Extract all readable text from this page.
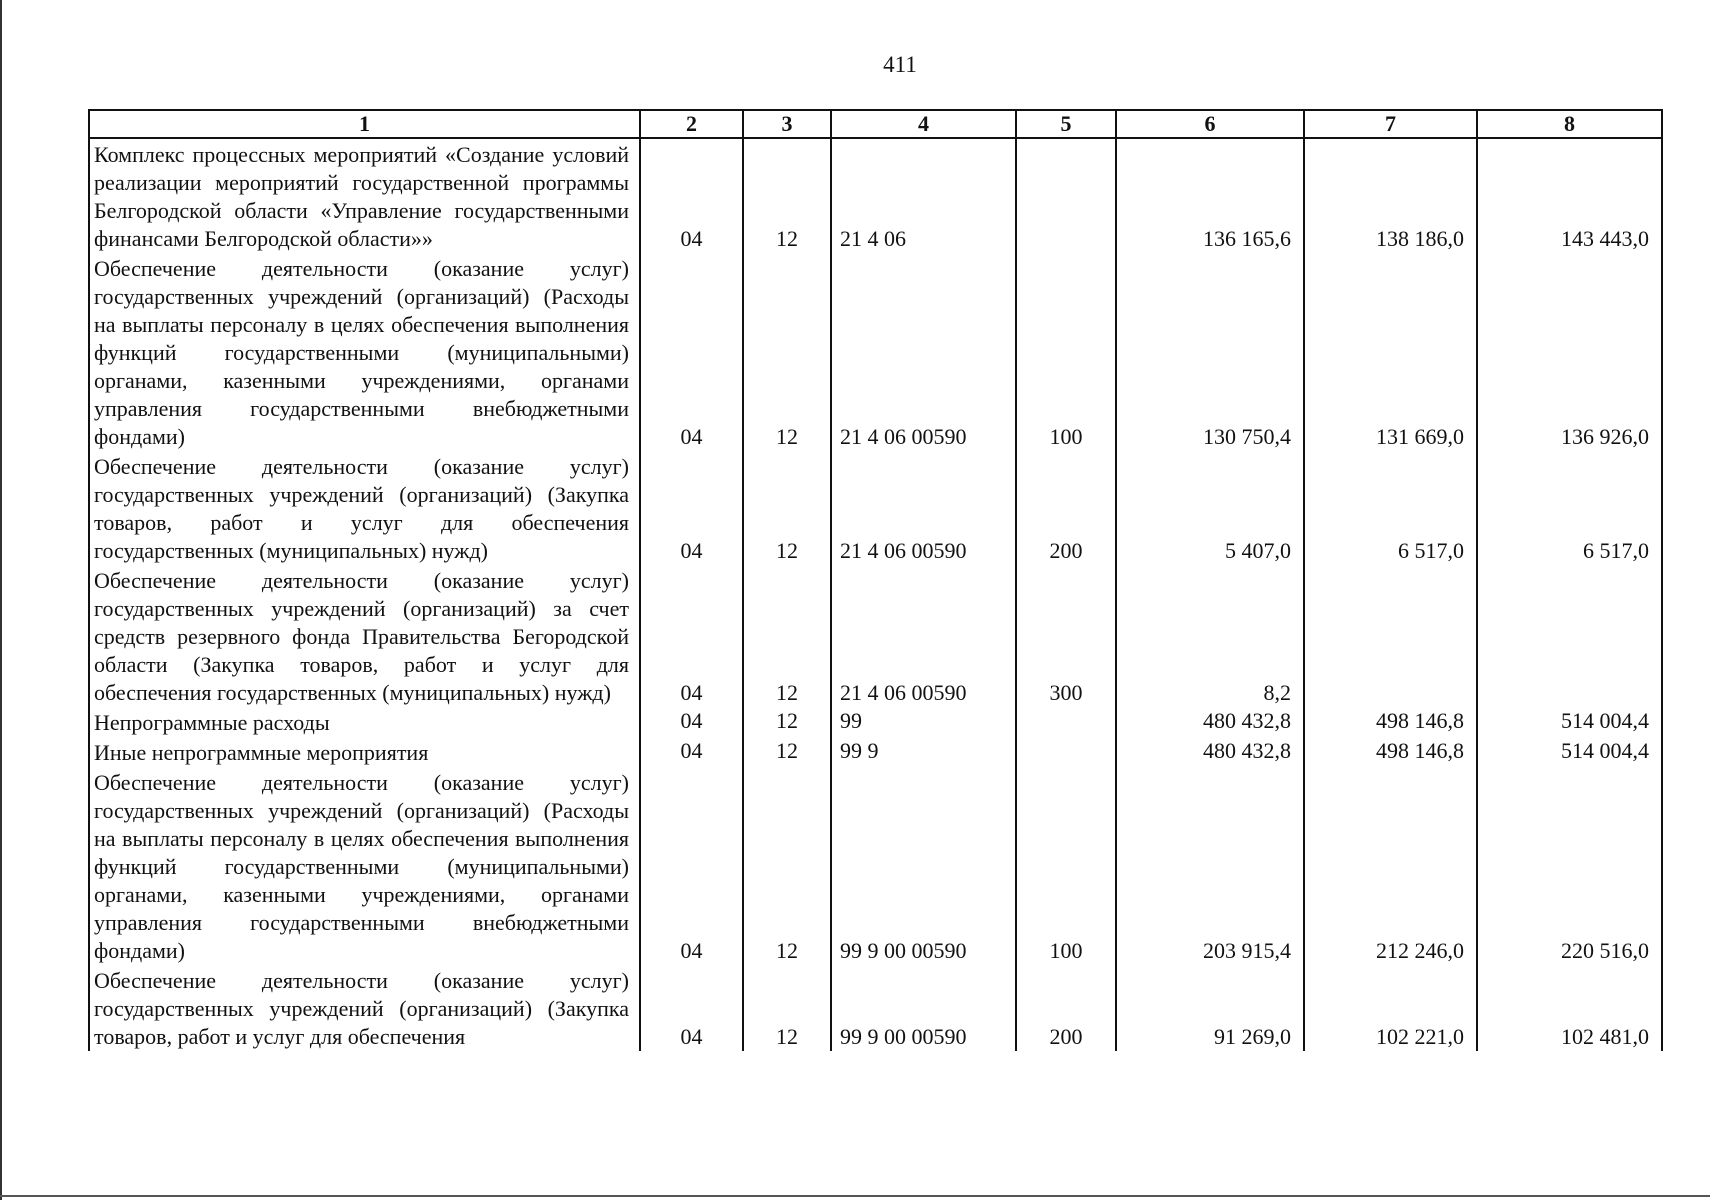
411
1	2	3	4	5	6	7	8
Комплекс процессных мероприятий «Создание условий реализации мероприятий государственной программы Белгородской области «Управление государственными финансами Белгородской области»»	04	12	21 4 06		136 165,6	138 186,0	143 443,0
Обеспечение деятельности (оказание услуг) государственных учреждений (организаций) (Расходы на выплаты персоналу в целях обеспечения выполнения функций государственными (муниципальными) органами, казенными учреждениями, органами управления государственными внебюджетными фондами)	04	12	21 4 06 00590	100	130 750,4	131 669,0	136 926,0
Обеспечение деятельности (оказание услуг) государственных учреждений (организаций) (Закупка товаров, работ и услуг для обеспечения государственных (муниципальных) нужд)	04	12	21 4 06 00590	200	5 407,0	6 517,0	6 517,0
Обеспечение деятельности (оказание услуг) государственных учреждений (организаций) за счет средств резервного фонда Правительства Бегородской области (Закупка товаров, работ и услуг для обеспечения государственных (муниципальных) нужд)	04	12	21 4 06 00590	300	8,2		
Непрограммные расходы	04	12	99		480 432,8	498 146,8	514 004,4
Иные непрограммные мероприятия	04	12	99 9		480 432,8	498 146,8	514 004,4
Обеспечение деятельности (оказание услуг) государственных учреждений (организаций) (Расходы на выплаты персоналу в целях обеспечения выполнения функций государственными (муниципальными) органами, казенными учреждениями, органами управления государственными внебюджетными фондами)	04	12	99 9 00 00590	100	203 915,4	212 246,0	220 516,0
Обеспечение деятельности (оказание услуг) государственных учреждений (организаций) (Закупка товаров, работ и услуг для обеспечения	04	12	99 9 00 00590	200	91 269,0	102 221,0	102 481,0
